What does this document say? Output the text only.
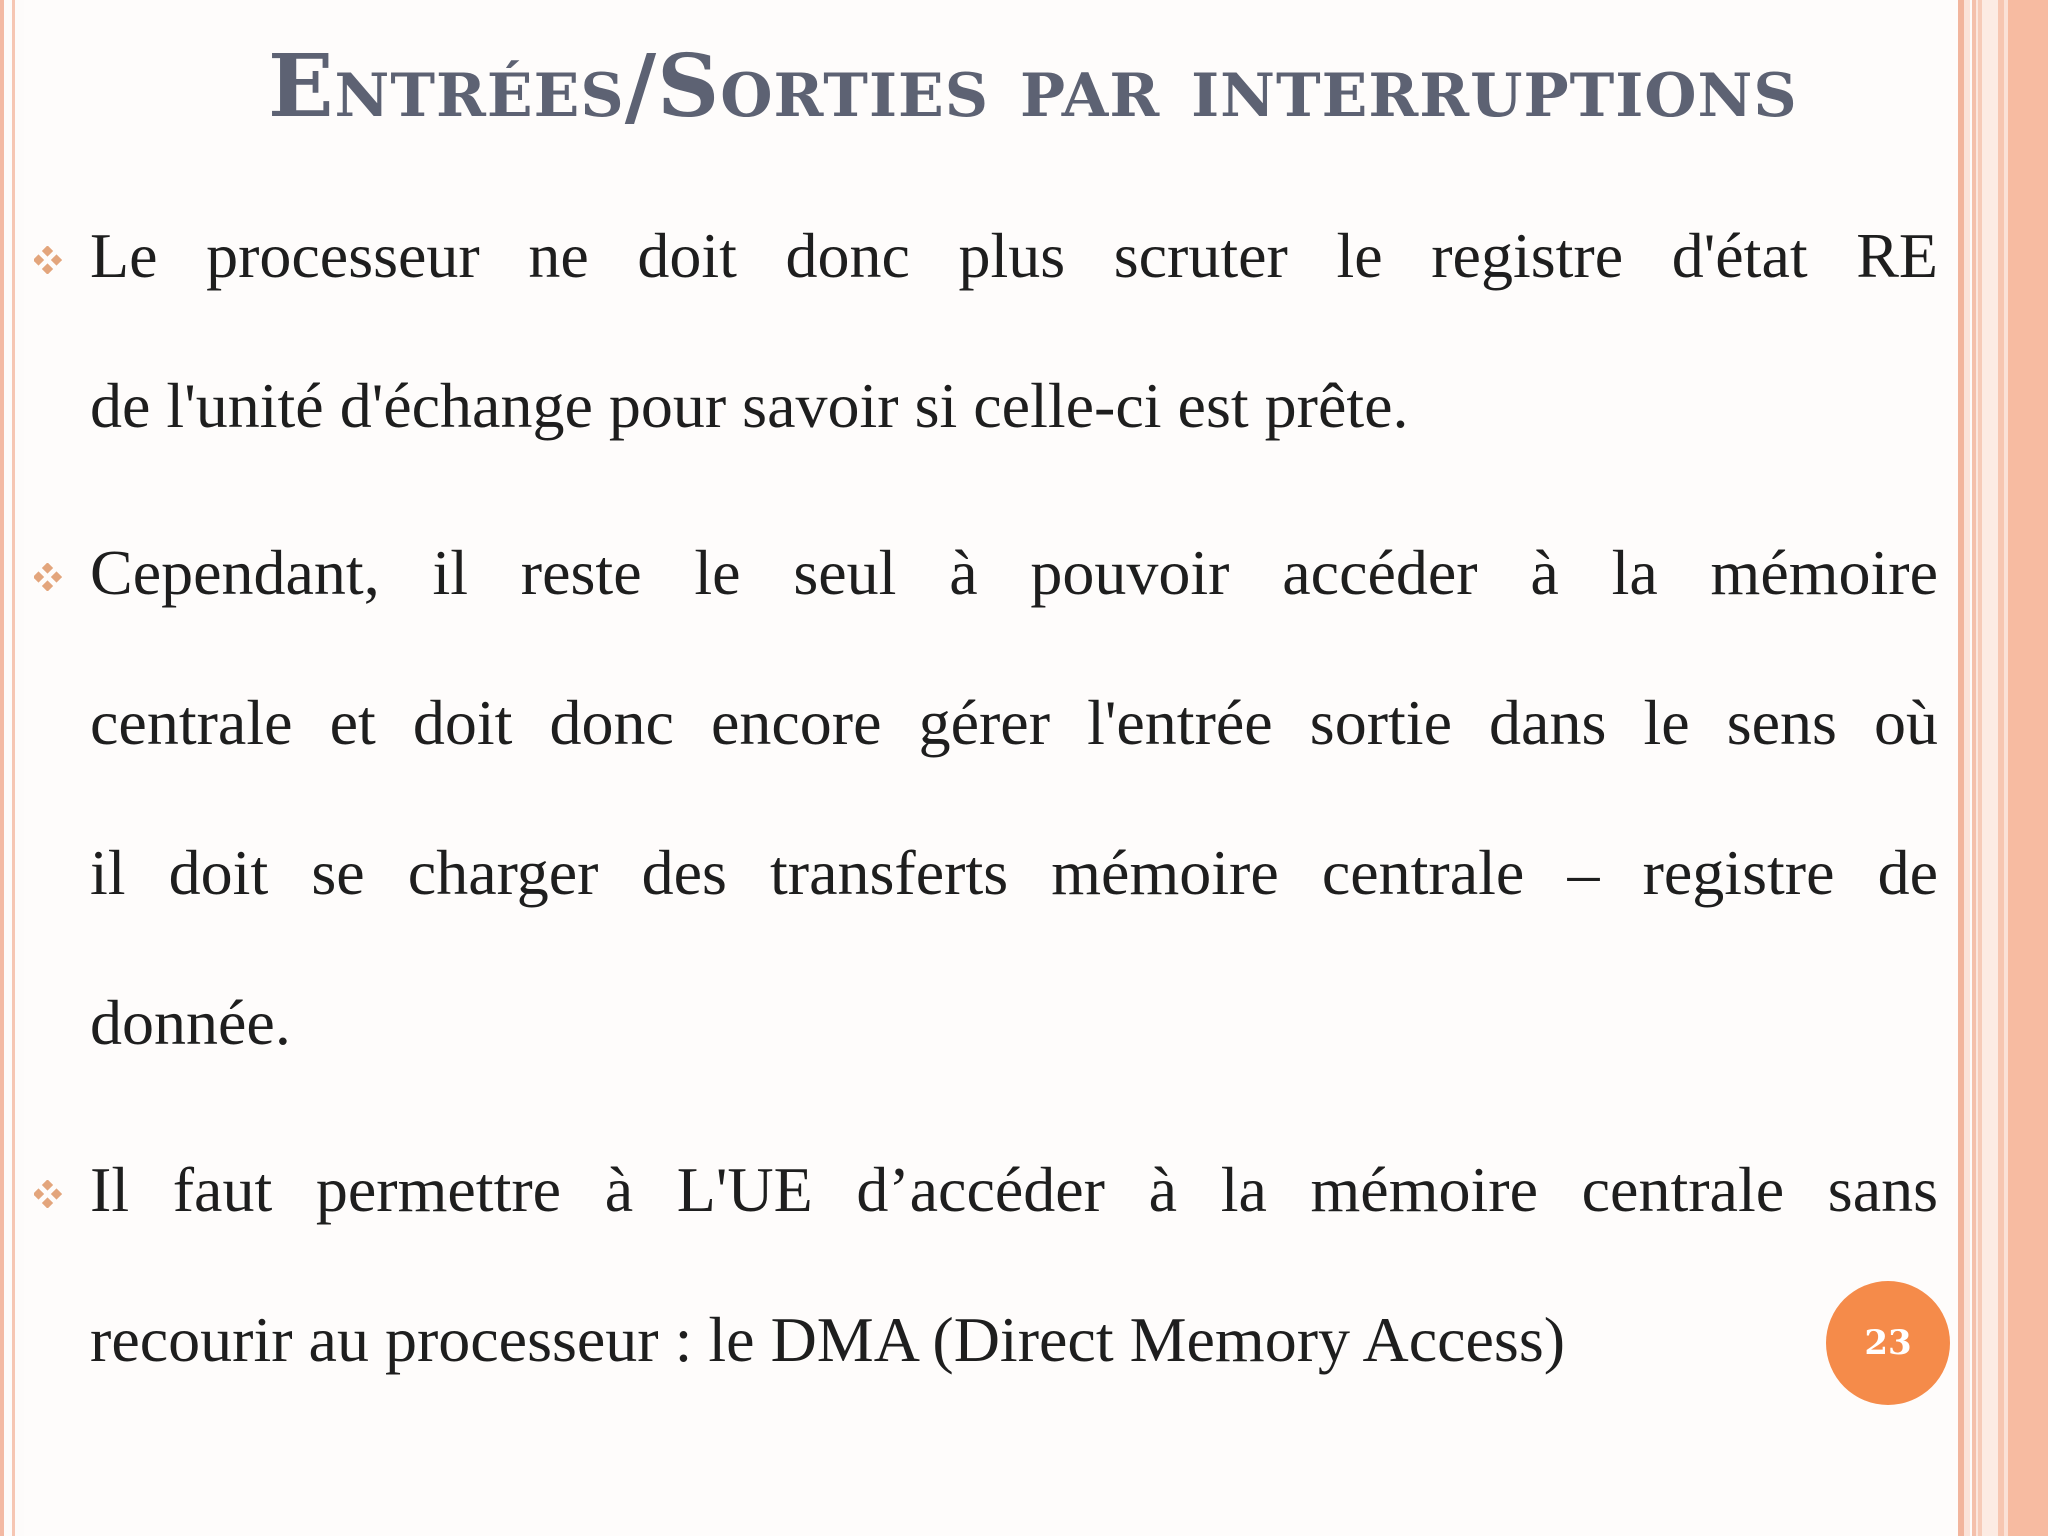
Entrées/Sorties par interruptions
Le processeur ne doit donc plus scruter le registre d'état RE
de l'unité d'échange pour savoir si celle-ci est prête.
Cependant, il reste le seul à pouvoir accéder à la mémoire
centrale et doit donc encore gérer l'entrée sortie dans le sens où
il doit se charger des transferts mémoire centrale – registre de
donnée.
Il faut permettre à L'UE d’accéder à la mémoire centrale sans
recourir au processeur : le DMA (Direct Memory Access)	23
